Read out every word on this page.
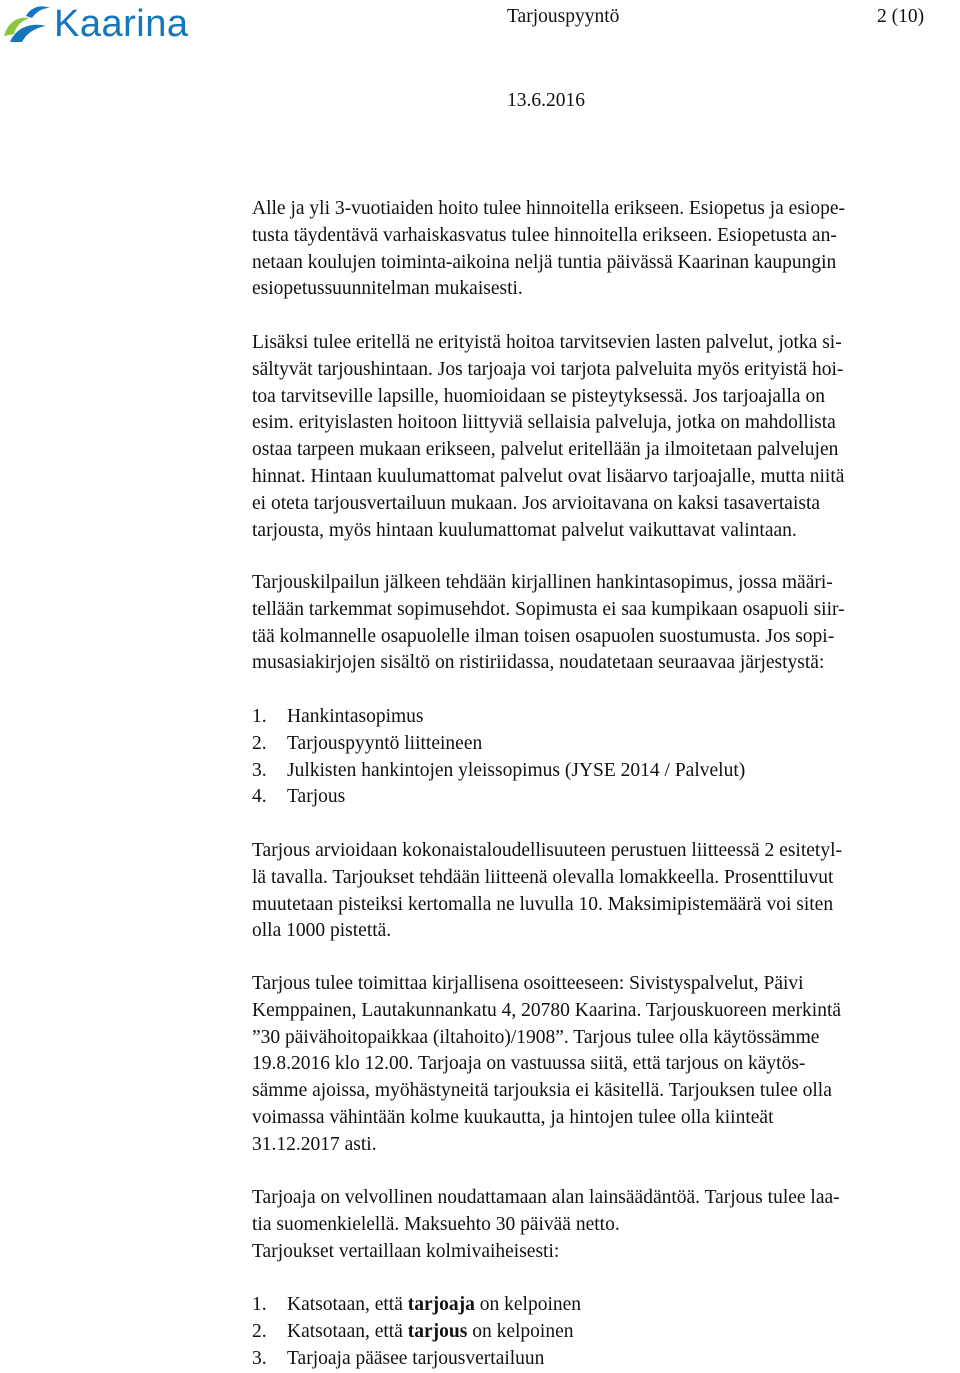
Kaarina	Tarjouspyyntö	2 (10)
13.6.2016
Alle ja yli 3-vuotiaiden hoito tulee hinnoitella erikseen. Esiopetus ja esiope-
tusta täydentävä varhaiskasvatus tulee hinnoitella erikseen. Esiopetusta an-
netaan koulujen toiminta-aikoina neljä tuntia päivässä Kaarinan kaupungin
esiopetussuunnitelman mukaisesti.
Lisäksi tulee eritellä ne erityistä hoitoa tarvitsevien lasten palvelut, jotka si-
sältyvät tarjoushintaan. Jos tarjoaja voi tarjota palveluita myös erityistä hoi-
toa tarvitseville lapsille, huomioidaan se pisteytyksessä. Jos tarjoajalla on
esim. erityislasten hoitoon liittyviä sellaisia palveluja, jotka on mahdollista
ostaa tarpeen mukaan erikseen, palvelut eritellään ja ilmoitetaan palvelujen
hinnat. Hintaan kuulumattomat palvelut ovat lisäarvo tarjoajalle, mutta niitä
ei oteta tarjousvertailuun mukaan. Jos arvioitavana on kaksi tasavertaista
tarjousta, myös hintaan kuulumattomat palvelut vaikuttavat valintaan.
Tarjouskilpailun jälkeen tehdään kirjallinen hankintasopimus, jossa määri-
tellään tarkemmat sopimusehdot. Sopimusta ei saa kumpikaan osapuoli siir-
tää kolmannelle osapuolelle ilman toisen osapuolen suostumusta. Jos sopi-
musasiakirjojen sisältö on ristiriidassa, noudatetaan seuraavaa järjestystä:
1.	Hankintasopimus
2.	Tarjouspyyntö liitteineen
3.	Julkisten hankintojen yleissopimus (JYSE 2014 / Palvelut)
4.	Tarjous
Tarjous arvioidaan kokonaistaloudellisuuteen perustuen liitteessä 2 esitetyl-
lä tavalla. Tarjoukset tehdään liitteenä olevalla lomakkeella. Prosenttiluvut
muutetaan pisteiksi kertomalla ne luvulla 10. Maksimipistemäärä voi siten
olla 1000 pistettä.
Tarjous tulee toimittaa kirjallisena osoitteeseen: Sivistyspalvelut, Päivi
Kemppainen, Lautakunnankatu 4, 20780 Kaarina. Tarjouskuoreen merkintä
”30 päivähoitopaikkaa (iltahoito)/1908”. Tarjous tulee olla käytössämme
19.8.2016 klo 12.00. Tarjoaja on vastuussa siitä, että tarjous on käytös-
sämme ajoissa, myöhästyneitä tarjouksia ei käsitellä. Tarjouksen tulee olla
voimassa vähintään kolme kuukautta, ja hintojen tulee olla kiinteät
31.12.2017 asti.
Tarjoaja on velvollinen noudattamaan alan lainsäädäntöä. Tarjous tulee laa-
tia suomenkielellä. Maksuehto 30 päivää netto.
Tarjoukset vertaillaan kolmivaiheisesti:
1.	Katsotaan, että tarjoaja on kelpoinen
2.	Katsotaan, että tarjous on kelpoinen
3.	Tarjoaja pääsee tarjousvertailuun
